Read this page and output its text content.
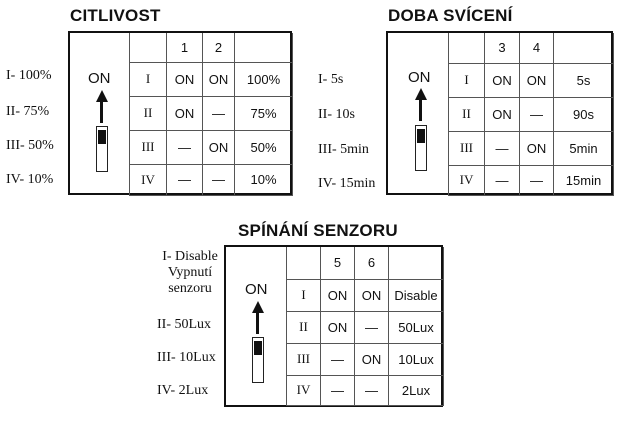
CITLIVOST
I- 100%
II- 75%
III- 50%
IV- 10%
ON
	1	2	
I	ON	ON	100%
II	ON	—	75%
III	—	ON	50%
IV	—	—	10%
DOBA SVÍCENÍ
I- 5s
II- 10s
III- 5min
IV- 15min
ON
	3	4	
I	ON	ON	5s
II	ON	—	90s
III	—	ON	5min
IV	—	—	15min
SPÍNÁNÍ SENZORU
I- Disable
Vypnutí
senzoru
II- 50Lux
III- 10Lux
IV- 2Lux
ON
	5	6	
I	ON	ON	Disable
II	ON	—	50Lux
III	—	ON	10Lux
IV	—	—	2Lux
